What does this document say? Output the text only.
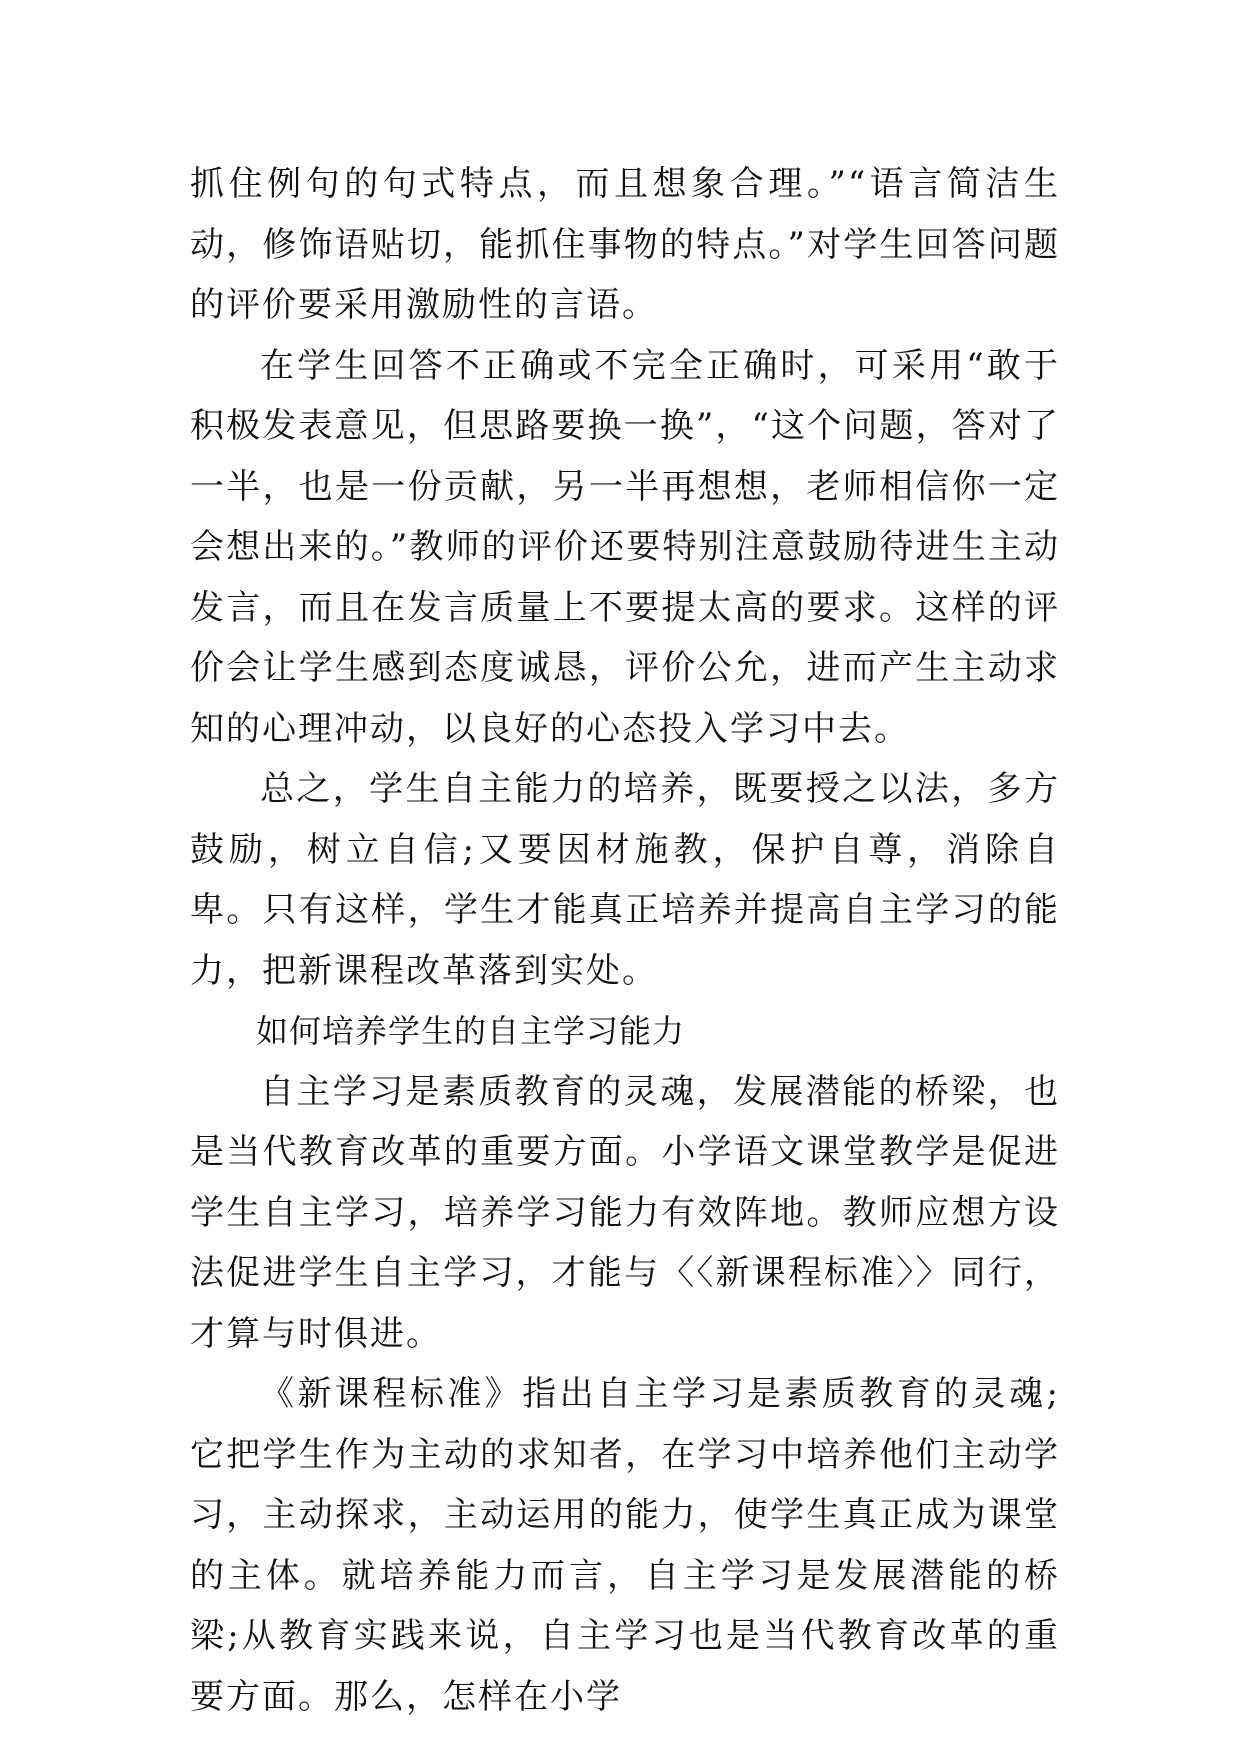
抓住例句的句式特点，而且想象合理。”“语言简洁生动，修饰语贴切，能抓住事物的特点。”对学生回答问题的评价要采用激励性的言语。

在学生回答不正确或不完全正确时，可采用“敢于积极发表意见，但思路要换一换”，“这个问题，答对了一半，也是一份贡献，另一半再想想，老师相信你一定会想出来的。”教师的评价还要特别注意鼓励待进生主动发言，而且在发言质量上不要提太高的要求。这样的评价会让学生感到态度诚恳，评价公允，进而产生主动求知的心理冲动，以良好的心态投入学习中去。

总之，学生自主能力的培养，既要授之以法，多方鼓励，树立自信;又要因材施教，保护自尊，消除自卑。只有这样，学生才能真正培养并提高自主学习的能力，把新课程改革落到实处。

如何培养学生的自主学习能力

自主学习是素质教育的灵魂，发展潜能的桥梁，也是当代教育改革的重要方面。小学语文课堂教学是促进学生自主学习，培养学习能力有效阵地。教师应想方设法促进学生自主学习，才能与〈〈新课程标准〉〉同行，才算与时俱进。

《新课程标准》指出自主学习是素质教育的灵魂;它把学生作为主动的求知者，在学习中培养他们主动学习，主动探求，主动运用的能力，使学生真正成为课堂的主体。就培养能力而言，自主学习是发展潜能的桥梁;从教育实践来说，自主学习也是当代教育改革的重要方面。那么，怎样在小学
